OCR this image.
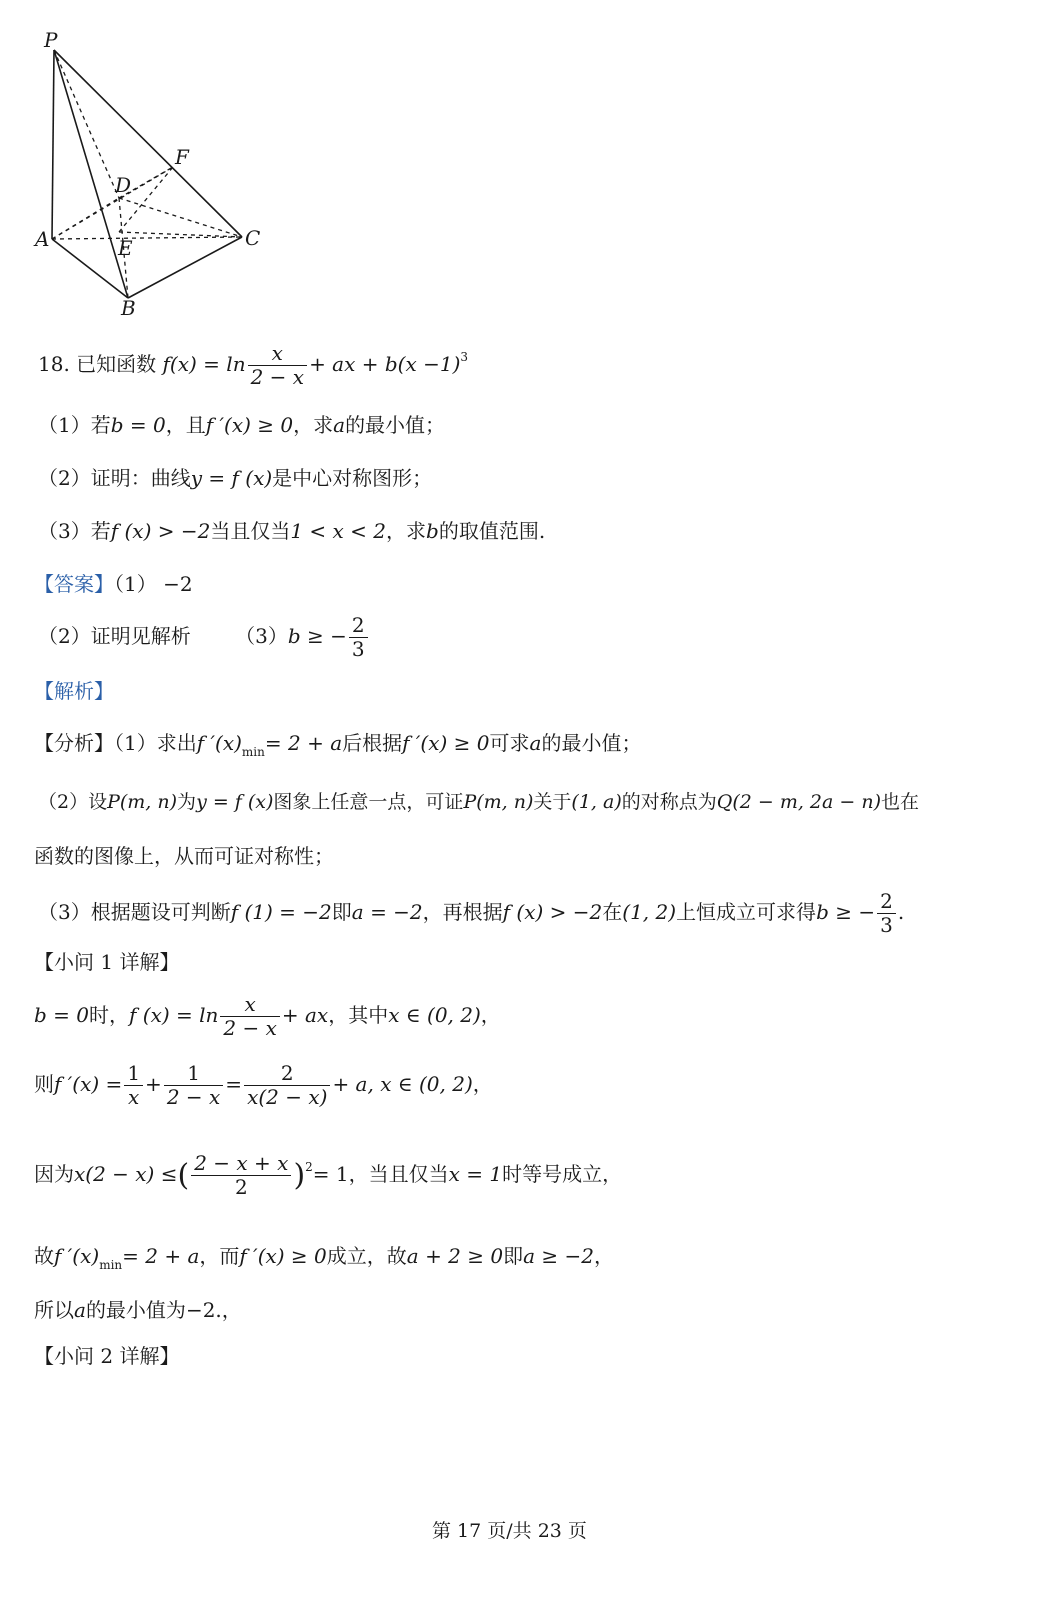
P
F
D
A	E	C
B
18. 已知函数 $f(x) = \ln \frac{x}{2 - x}$ + ax + $b(x -1)^3$
（1）若b = 0，且f ′(x) ≥ 0，求a的最小值；
（2）证明：曲线y = f (x)是中心对称图形；
（3）若f (x) > −2当且仅当1 < x < 2，求b的取值范围.
【答案】（1） −2
（2）证明见解析 （3）b ≥ − $\frac{2}{3}$
【解析】
【分析】（1）求出f $'(x)_{min}= 2 + a$后根据f ′(x) ≥ 0可求a的最小值；
（2）设P(m, n)为y = f (x)图象上任意一点，可证P(m, n)关于(1, a)的对称点为Q(2 − m, 2a − n)也在
函数的图像上，从而可证对称性；
（3）根据题设可判断f (1) = −2即a = −2，再根据f (x) > −2在(1, 2)上恒成立可求得b ≥ − $\frac{2}{3}$ .
【小问 1 详解】
b = 0时，f $(x) = \ln \frac{x}{2 - x}$ + ax，其中x ∈ (0, 2)，
则f $'(x) = \frac{1}{x} + \frac{1}{2 - x} = \frac{2}{x(2 - x)} + a$, x ∈ (0, 2)，
因为x(2 − x) ≤( $\frac{2 - x + x}{2} )^2= 1$，当且仅当x = 1时等号成立，
故f $'(x)_{min}= 2 + a$，而f ′(x) ≥ 0成立，故a + 2 ≥ 0即a ≥ −2，
所以a的最小值为−2.，
【小问 2 详解】
第 17 页/共 23 页
